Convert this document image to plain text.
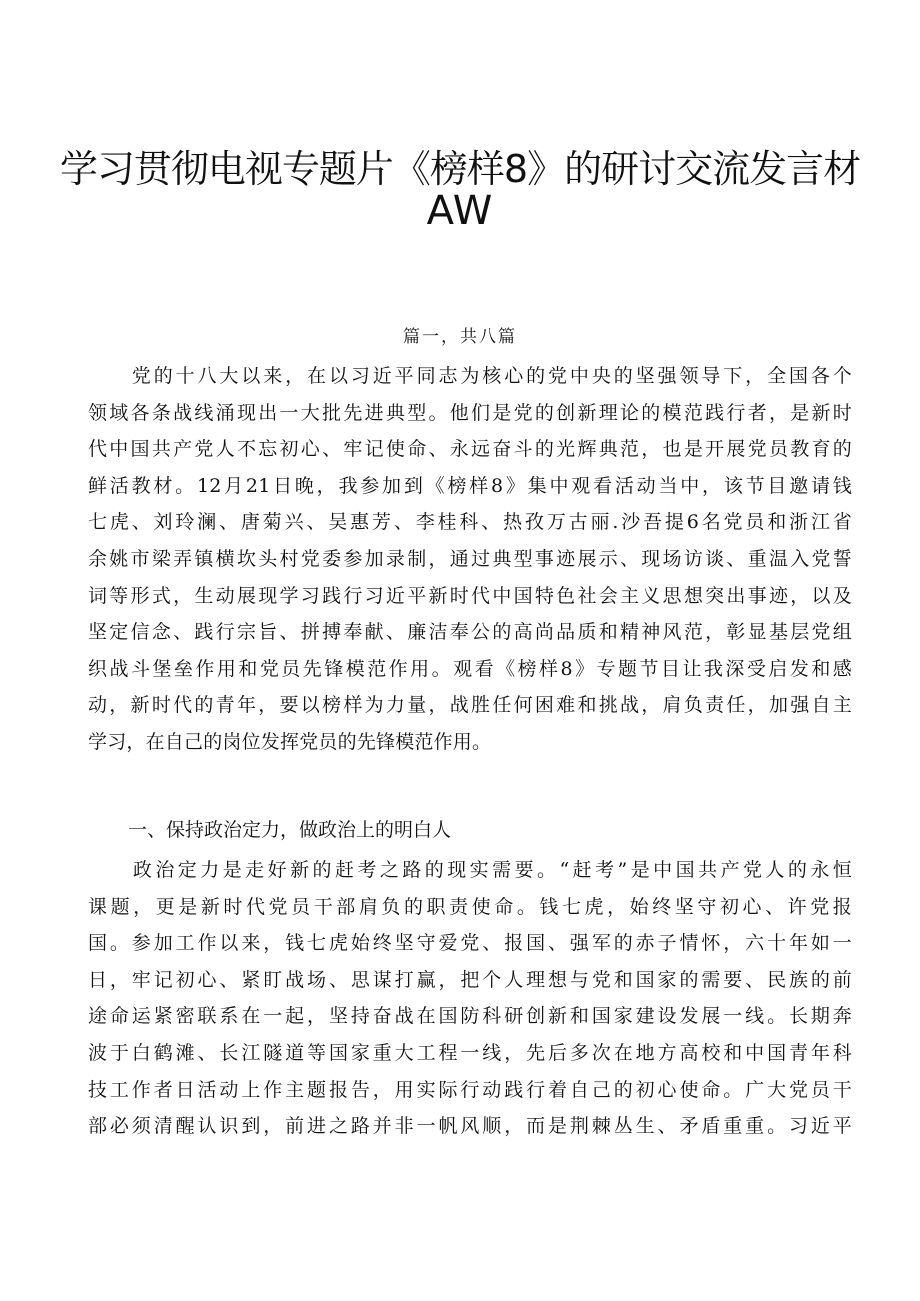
学习贯彻电视专题片《榜样8》的研讨交流发言材
AW
篇一，共八篇
　　党的十八大以来，在以习近平同志为核心的党中央的坚强领导下，全国各个
领域各条战线涌现出一大批先进典型。他们是党的创新理论的模范践行者，是新时
代中国共产党人不忘初心、牢记使命、永远奋斗的光辉典范，也是开展党员教育的
鲜活教材。12月21日晚，我参加到《榜样8》集中观看活动当中，该节目邀请钱
七虎、刘玲澜、唐菊兴、吴惠芳、李桂科、热孜万古丽.沙吾提6名党员和浙江省
余姚市梁弄镇横坎头村党委参加录制，通过典型事迹展示、现场访谈、重温入党誓
词等形式，生动展现学习践行习近平新时代中国特色社会主义思想突出事迹，以及
坚定信念、践行宗旨、拼搏奉献、廉洁奉公的高尚品质和精神风范，彰显基层党组
织战斗堡垒作用和党员先锋模范作用。观看《榜样8》专题节目让我深受启发和感
动，新时代的青年，要以榜样为力量，战胜任何困难和挑战，肩负责任，加强自主
学习，在自己的岗位发挥党员的先锋模范作用。
一、保持政治定力，做政治上的明白人
　　政治定力是走好新的赶考之路的现实需要。“赶考”是中国共产党人的永恒
课题，更是新时代党员干部肩负的职责使命。钱七虎，始终坚守初心、许党报
国。参加工作以来，钱七虎始终坚守爱党、报国、强军的赤子情怀，六十年如一
日，牢记初心、紧盯战场、思谋打赢，把个人理想与党和国家的需要、民族的前
途命运紧密联系在一起，坚持奋战在国防科研创新和国家建设发展一线。长期奔
波于白鹤滩、长江隧道等国家重大工程一线，先后多次在地方高校和中国青年科
技工作者日活动上作主题报告，用实际行动践行着自己的初心使命。广大党员干
部必须清醒认识到，前进之路并非一帆风顺，而是荆棘丛生、矛盾重重。习近平
